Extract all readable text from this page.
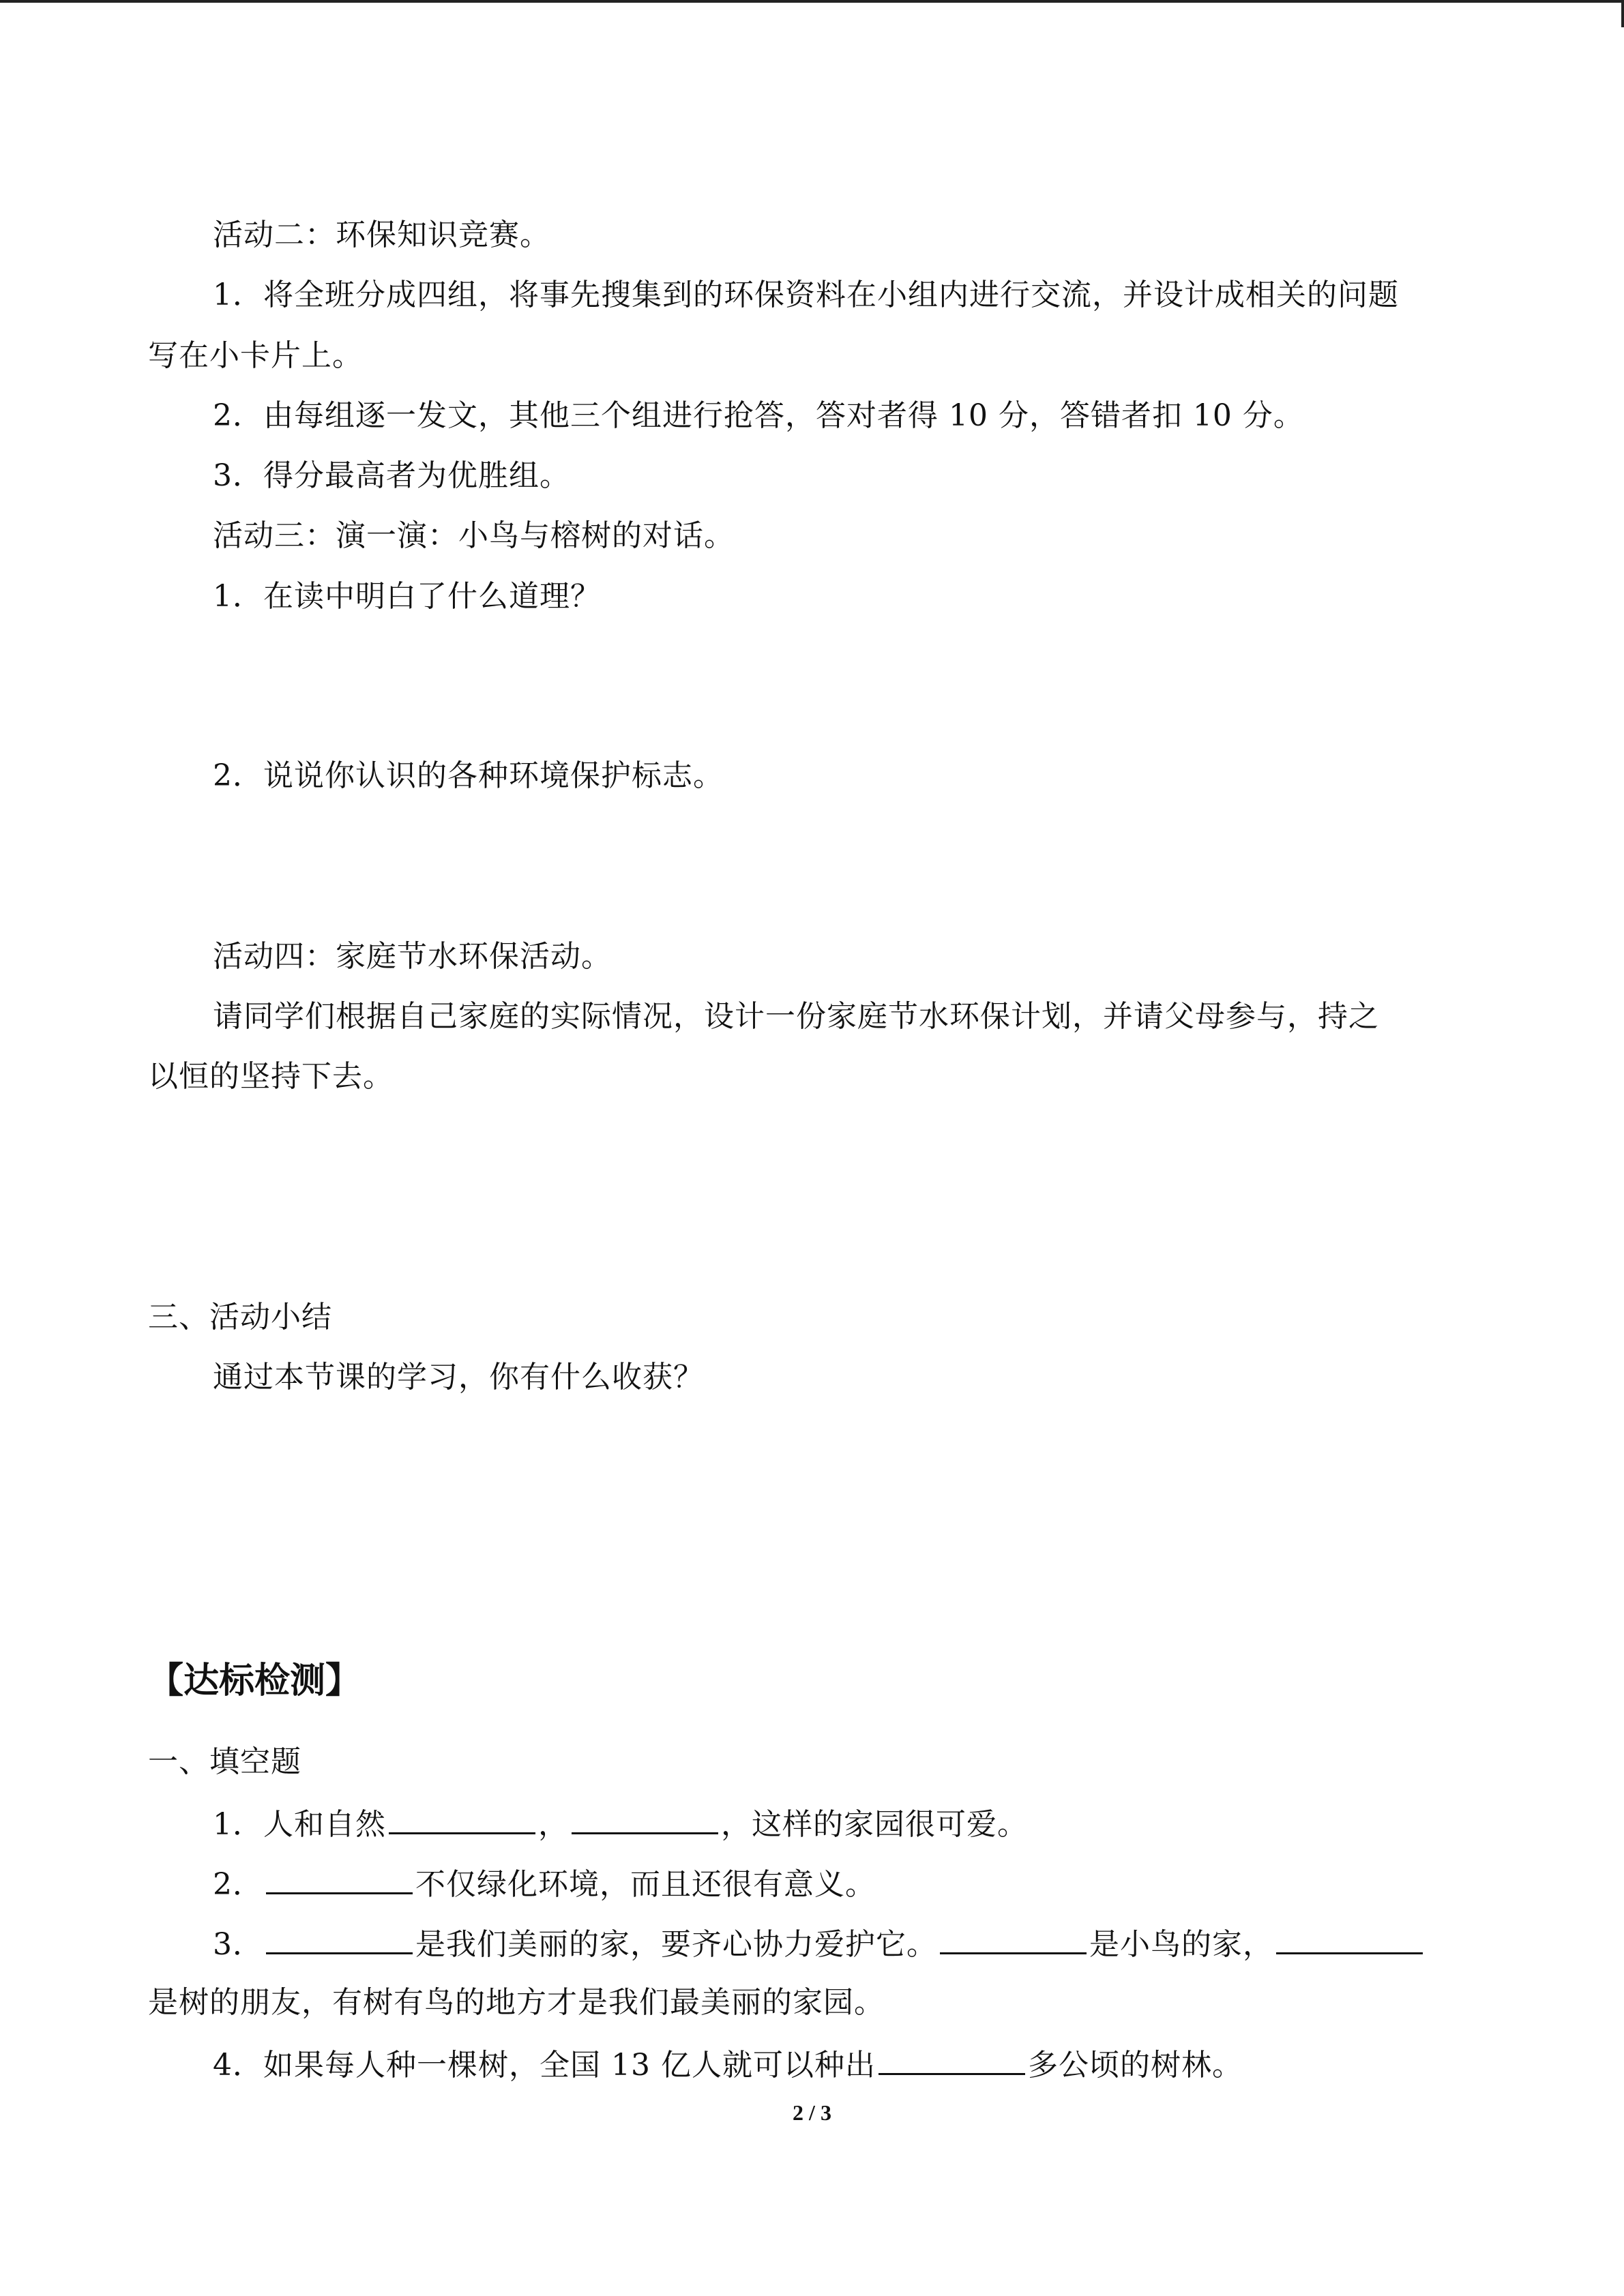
活动二：环保知识竞赛。
1．将全班分成四组，将事先搜集到的环保资料在小组内进行交流，并设计成相关的问题
写在小卡片上。
2．由每组逐一发文，其他三个组进行抢答，答对者得 10 分，答错者扣 10 分。
3．得分最高者为优胜组。
活动三：演一演：小鸟与榕树的对话。
1．在读中明白了什么道理？
2．说说你认识的各种环境保护标志。
活动四：家庭节水环保活动。
请同学们根据自己家庭的实际情况，设计一份家庭节水环保计划，并请父母参与，持之
以恒的坚持下去。
三、活动小结
通过本节课的学习，你有什么收获？
【达标检测】
一、填空题
1．人和自然	，	，这样的家园很可爱。
2．	不仅绿化环境，而且还很有意义。
3．	是我们美丽的家，要齐心协力爱护它。	是小鸟的家，
是树的朋友，有树有鸟的地方才是我们最美丽的家园。
4．如果每人种一棵树，全国 13 亿人就可以种出	多公顷的树林。
2 / 3
